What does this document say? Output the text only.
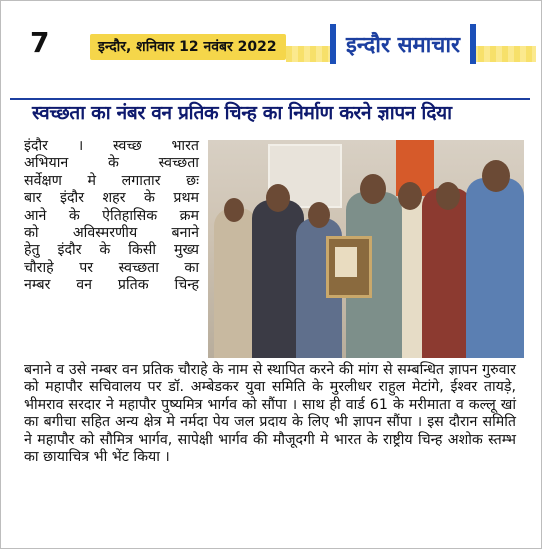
7	इन्दौर, शनिवार 12 नवंबर 2022	इन्दौर समाचार
स्वच्छता का नंबर वन प्रतिक चिन्ह का निर्माण करने ज्ञापन दिया
इंदौर । स्वच्छ भारत
अभियान के स्वच्छता
सर्वेक्षण मे लगातार छः
बार इंदौर शहर के प्रथम
आने के ऐतिहासिक क्रम
को अविस्मरणीय बनाने
हेतु इंदौर के किसी मुख्य
चौराहे पर स्वच्छता का
नम्बर वन प्रतिक चिन्ह
बनाने व उसे नम्बर वन प्रतिक चौराहे के नाम से स्थापित करने की मांग से सम्बन्धित ज्ञापन गुरुवार को महापौर सचिवालय पर डॉ. अम्बेडकर युवा समिति के मुरलीधर राहुल मेटांगे, ईश्वर तायड़े, भीमराव सरदार ने महापौर पुष्यमित्र भार्गव को सौंपा । साथ ही वार्ड 61 के मरीमाता व कल्लू खां का बगीचा सहित अन्य क्षेत्र मे नर्मदा पेय जल प्रदाय के लिए भी ज्ञापन सौंपा । इस दौरान समिति ने महापौर को सौमित्र भार्गव, सापेक्षी भार्गव की मौजूदगी मे भारत के राष्ट्रीय चिन्ह अशोक स्तम्भ का छायाचित्र भी भेंट किया ।
